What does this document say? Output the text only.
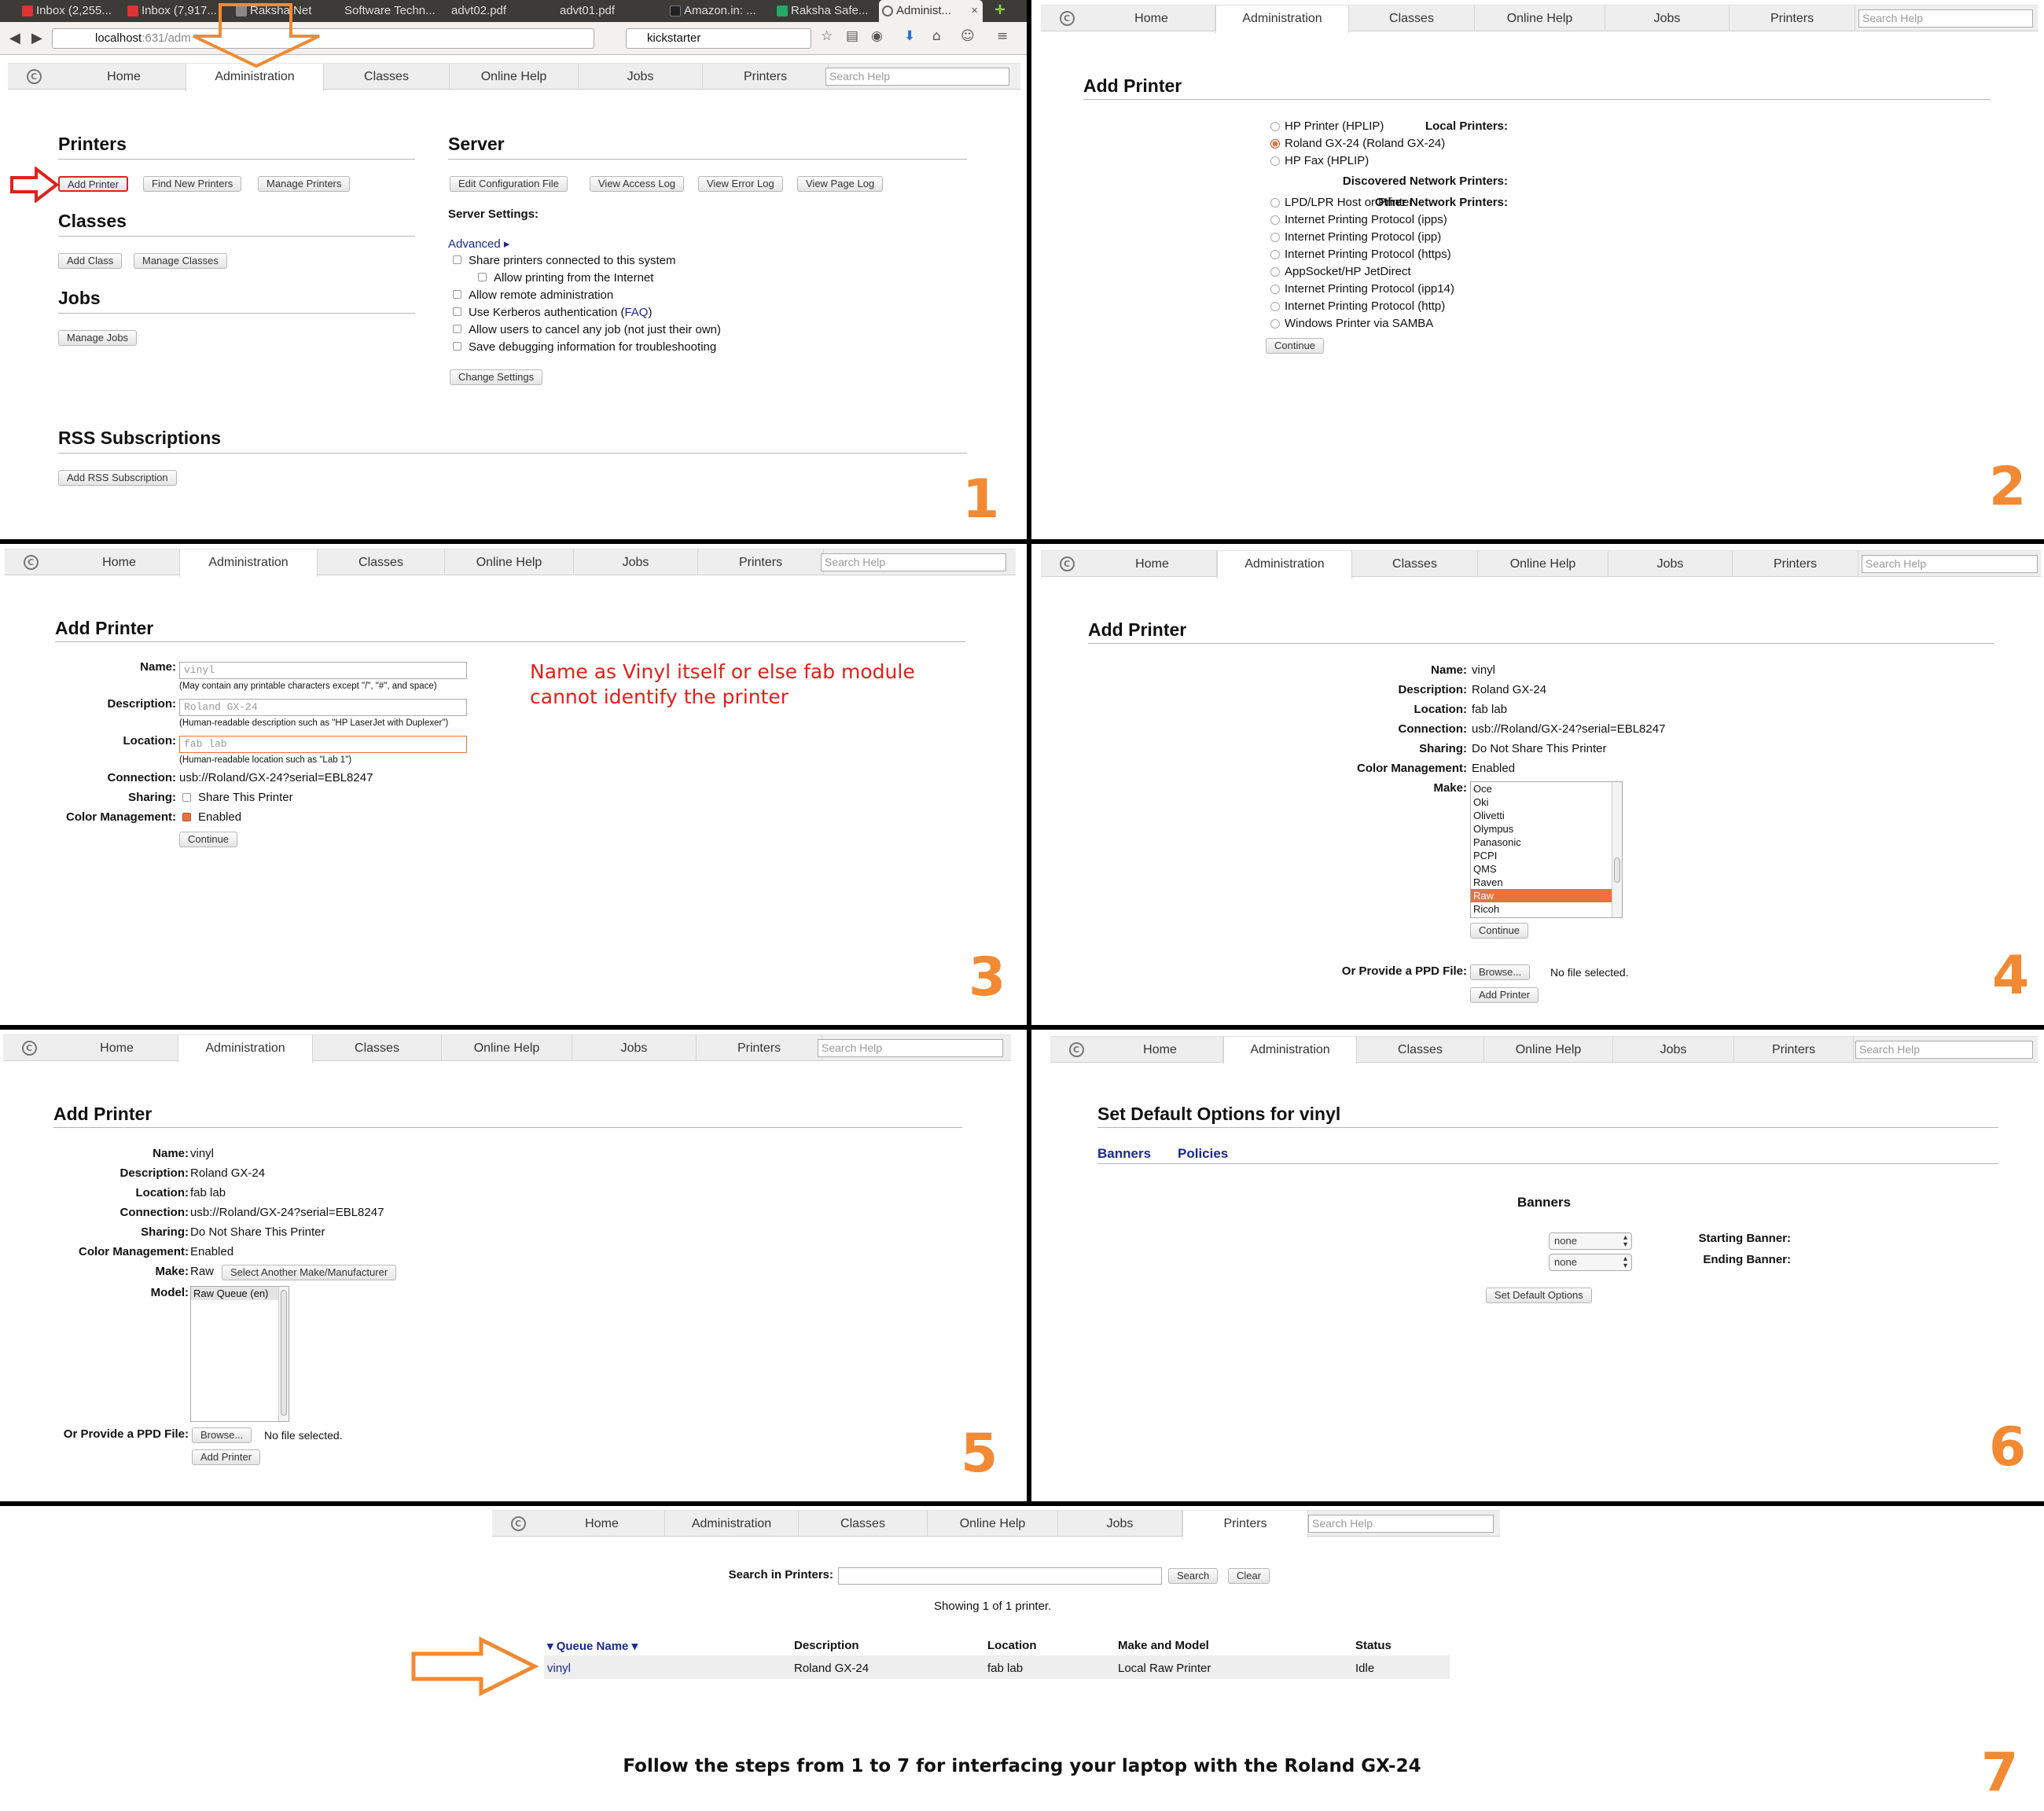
Inbox (2,255...	Inbox (7,917...	Raksha Net	Software Techn...	advt02.pdf	advt01.pdf	Amazon.in: ...	Raksha Safe...	Administ... × +
◀ ▶	localhost:631/adm	kickstarter	☆ ▤ ◉ ⬇ ⌂ ☺ ≡
C	Home	Administration	Classes	Online Help	Jobs	Printers	Search Help
Printers
Add Printer	Find New Printers	Manage Printers
Classes
Add Class	Manage Classes
Jobs
Manage Jobs
RSS Subscriptions
Add RSS Subscription
Server
Edit Configuration File	View Access Log	View Error Log	View Page Log
Server Settings:
Advanced ▸
Share printers connected to this system
Allow printing from the Internet
Allow remote administration
Use Kerberos authentication (FAQ)
Allow users to cancel any job (not just their own)
Save debugging information for troubleshooting
Change Settings
1
C	Home	Administration	Classes	Online Help	Jobs	Printers	Search Help
Add Printer
Local Printers:
HP Printer (HPLIP)
Roland GX-24 (Roland GX-24)
HP Fax (HPLIP)
Discovered Network Printers:
Other Network Printers:
LPD/LPR Host or Printer
Internet Printing Protocol (ipps)
Internet Printing Protocol (ipp)
Internet Printing Protocol (https)
AppSocket/HP JetDirect
Internet Printing Protocol (ipp14)
Internet Printing Protocol (http)
Windows Printer via SAMBA
Continue
2
C	Home	Administration	Classes	Online Help	Jobs	Printers	Search Help
Add Printer
Name: vinyl
(May contain any printable characters except "/", "#", and space)
Description: Roland GX-24
(Human-readable description such as "HP LaserJet with Duplexer")
Location: fab lab
(Human-readable location such as "Lab 1")
Connection: usb://Roland/GX-24?serial=EBL8247
Sharing: Share This Printer
Color Management: Enabled
Continue
Name as Vinyl itself or else fab module
cannot identify the printer
3
C	Home	Administration	Classes	Online Help	Jobs	Printers	Search Help
Add Printer
Name: vinyl
Description: Roland GX-24
Location: fab lab
Connection: usb://Roland/GX-24?serial=EBL8247
Sharing: Do Not Share This Printer
Color Management: Enabled
Make: Oce
Oki
Olivetti
Olympus
Panasonic
PCPI
QMS
Raven
Raw
Ricoh
Continue
Or Provide a PPD File:	Browse...	No file selected.
Add Printer	4
C	Home	Administration	Classes	Online Help	Jobs	Printers	Search Help
Add Printer
Name: vinyl
Description: Roland GX-24
Location: fab lab
Connection: usb://Roland/GX-24?serial=EBL8247
Sharing: Do Not Share This Printer
Color Management: Enabled
Make: Raw	Select Another Make/Manufacturer
Model: Raw Queue (en)
Or Provide a PPD File:	Browse...	No file selected.
Add Printer	5
C	Home	Administration	Classes	Online Help	Jobs	Printers	Search Help
Set Default Options for vinyl
Banners Policies
Banners
Starting Banner:
none	▴
▾
Ending Banner:
none	▴
▾
Set Default Options
6
C	Home	Administration	Classes	Online Help	Jobs	Printers	Search Help
Search in Printers:	Search	Clear
Showing 1 of 1 printer.
▾ Queue Name ▾	Description	Location	Make and Model	Status
vinyl	Roland GX-24	fab lab	Local Raw Printer	Idle
Follow the steps from 1 to 7 for interfacing your laptop with the Roland GX-24	7
